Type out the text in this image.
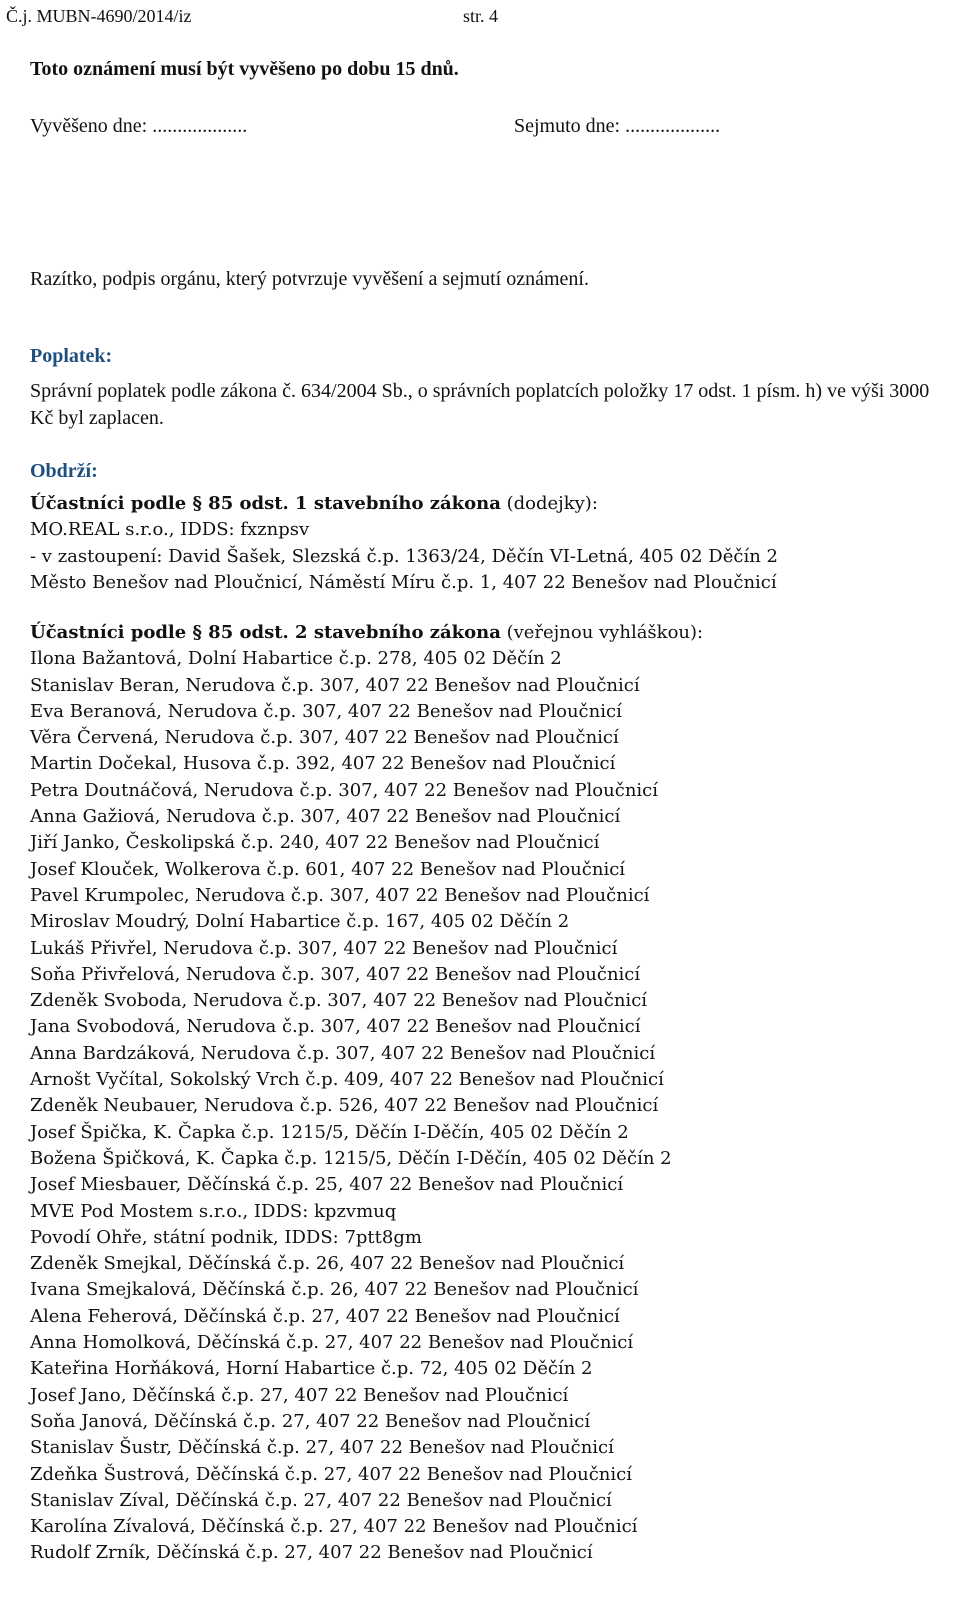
Č.j. MUBN-4690/2014/iz	str. 4
Toto oznámení musí být vyvěšeno po dobu 15 dnů.
Vyvěšeno dne: ...................	Sejmuto dne: ...................
Razítko, podpis orgánu, který potvrzuje vyvěšení a sejmutí oznámení.
Poplatek:
Správní poplatek podle zákona č. 634/2004 Sb., o správních poplatcích položky 17 odst. 1 písm. h) ve výši 3000 Kč byl zaplacen.
Obdrží:
Účastníci podle § 85 odst. 1 stavebního zákona (dodejky):
MO.REAL s.r.o., IDDS: fxznpsv
- v zastoupení: David Šašek, Slezská č.p. 1363/24, Děčín VI-Letná, 405 02 Děčín 2
Město Benešov nad Ploučnicí, Náměstí Míru č.p. 1, 407 22 Benešov nad Ploučnicí
Účastníci podle § 85 odst. 2 stavebního zákona (veřejnou vyhláškou):
Ilona Bažantová, Dolní Habartice č.p. 278, 405 02 Děčín 2
Stanislav Beran, Nerudova č.p. 307, 407 22 Benešov nad Ploučnicí
Eva Beranová, Nerudova č.p. 307, 407 22 Benešov nad Ploučnicí
Věra Červená, Nerudova č.p. 307, 407 22 Benešov nad Ploučnicí
Martin Dočekal, Husova č.p. 392, 407 22 Benešov nad Ploučnicí
Petra Doutnáčová, Nerudova č.p. 307, 407 22 Benešov nad Ploučnicí
Anna Gažiová, Nerudova č.p. 307, 407 22 Benešov nad Ploučnicí
Jiří Janko, Českolipská č.p. 240, 407 22 Benešov nad Ploučnicí
Josef Klouček, Wolkerova č.p. 601, 407 22 Benešov nad Ploučnicí
Pavel Krumpolec, Nerudova č.p. 307, 407 22 Benešov nad Ploučnicí
Miroslav Moudrý, Dolní Habartice č.p. 167, 405 02 Děčín 2
Lukáš Přivřel, Nerudova č.p. 307, 407 22 Benešov nad Ploučnicí
Soňa Přivřelová, Nerudova č.p. 307, 407 22 Benešov nad Ploučnicí
Zdeněk Svoboda, Nerudova č.p. 307, 407 22 Benešov nad Ploučnicí
Jana Svobodová, Nerudova č.p. 307, 407 22 Benešov nad Ploučnicí
Anna Bardzáková, Nerudova č.p. 307, 407 22 Benešov nad Ploučnicí
Arnošt Vyčítal, Sokolský Vrch č.p. 409, 407 22 Benešov nad Ploučnicí
Zdeněk Neubauer, Nerudova č.p. 526, 407 22 Benešov nad Ploučnicí
Josef Špička, K. Čapka č.p. 1215/5, Děčín I-Děčín, 405 02 Děčín 2
Božena Špičková, K. Čapka č.p. 1215/5, Děčín I-Děčín, 405 02 Děčín 2
Josef Miesbauer, Děčínská č.p. 25, 407 22 Benešov nad Ploučnicí
MVE Pod Mostem s.r.o., IDDS: kpzvmuq
Povodí Ohře, státní podnik, IDDS: 7ptt8gm
Zdeněk Smejkal, Děčínská č.p. 26, 407 22 Benešov nad Ploučnicí
Ivana Smejkalová, Děčínská č.p. 26, 407 22 Benešov nad Ploučnicí
Alena Feherová, Děčínská č.p. 27, 407 22 Benešov nad Ploučnicí
Anna Homolková, Děčínská č.p. 27, 407 22 Benešov nad Ploučnicí
Kateřina Horňáková, Horní Habartice č.p. 72, 405 02 Děčín 2
Josef Jano, Děčínská č.p. 27, 407 22 Benešov nad Ploučnicí
Soňa Janová, Děčínská č.p. 27, 407 22 Benešov nad Ploučnicí
Stanislav Šustr, Děčínská č.p. 27, 407 22 Benešov nad Ploučnicí
Zdeňka Šustrová, Děčínská č.p. 27, 407 22 Benešov nad Ploučnicí
Stanislav Zíval, Děčínská č.p. 27, 407 22 Benešov nad Ploučnicí
Karolína Zívalová, Děčínská č.p. 27, 407 22 Benešov nad Ploučnicí
Rudolf Zrník, Děčínská č.p. 27, 407 22 Benešov nad Ploučnicí
